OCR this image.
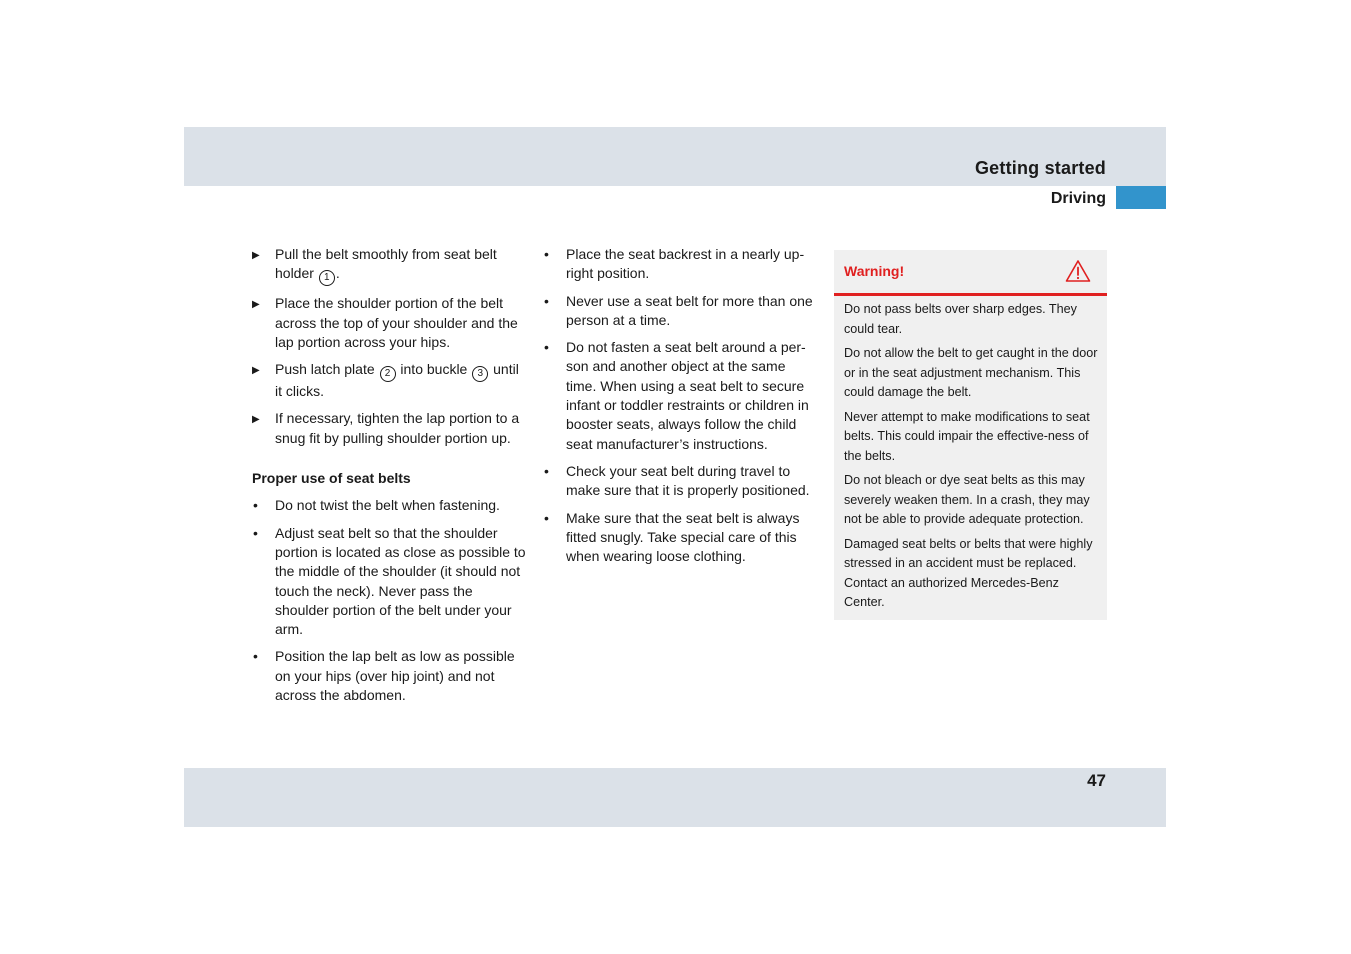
Getting started
Driving
▶	Pull the belt smoothly from seat belt holder 1 .
▶	Place the shoulder portion of the belt across the top of your shoulder and the lap portion across your hips.
▶	Push latch plate 2 into buckle 3 until it clicks.
▶	If necessary, tighten the lap portion to a snug fit by pulling shoulder portion up.
Proper use of seat belts
•	Do not twist the belt when fastening.
•	Adjust seat belt so that the shoulder portion is located as close as possible to the middle of the shoulder (it should not touch the neck). Never pass the shoulder portion of the belt under your arm.
•	Position the lap belt as low as possible on your hips (over hip joint) and not across the abdomen.
•	Place the seat backrest in a nearly up-right position.
•	Never use a seat belt for more than one person at a time.
•	Do not fasten a seat belt around a per-son and another object at the same time. When using a seat belt to secure infant or toddler restraints or children in booster seats, always follow the child seat manufacturer’s instructions.
•	Check your seat belt during travel to make sure that it is properly positioned.
•	Make sure that the seat belt is always fitted snugly. Take special care of this when wearing loose clothing.
Warning!

Do not pass belts over sharp edges. They could tear.

Do not allow the belt to get caught in the door or in the seat adjustment mechanism. This could damage the belt.

Never attempt to make modifications to seat belts. This could impair the effective-ness of the belts.

Do not bleach or dye seat belts as this may severely weaken them. In a crash, they may not be able to provide adequate protection.

Damaged seat belts or belts that were highly stressed in an accident must be replaced. Contact an authorized Mercedes-Benz Center.

47
